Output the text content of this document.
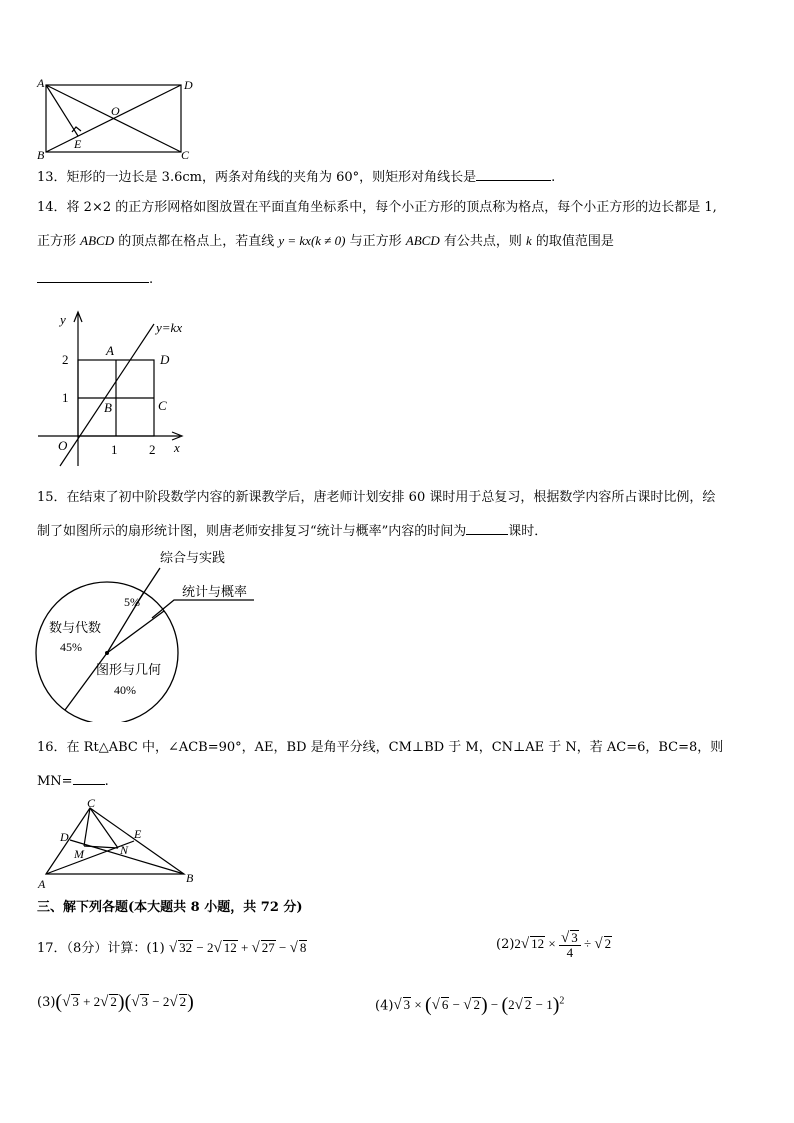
A	D
B	C
O
E
13．矩形的一边长是 3.6cm，两条对角线的夹角为 60°，则矩形对角线长是	.
14．将 2×2 的正方形网格如图放置在平面直角坐标系中，每个小正方形的顶点称为格点，每个小正方形的边长都是 1,
正方形 ABCD 的顶点都在格点上，若直线 y = kx(k ≠ 0) 与正方形 ABCD 有公共点，则 k 的取值范围是
.
y
x
y=kx
O	1 2
1
2
A
B	C
D
15．在结束了初中阶段数学内容的新课教学后，唐老师计划安排 60 课时用于总复习，根据数学内容所占课时比例，绘
制了如图所示的扇形统计图，则唐老师安排复习“统计与概率”内容的时间为	课时．
综合与实践
5%
统计与概率
数与代数
45%
图形与几何
40%
16．在 Rt△ABC 中，∠ACB=90°，AE，BD 是角平分线，CM⊥BD 于 M，CN⊥AE 于 N，若 AC=6，BC=8，则
MN= .
A	B
C
D	E
M	N
三、解下列各题(本大题共 8 小题，共 72 分)
17．（8分）计算：(1) √ 32 − 2√ 12 + √ 27 − √ 8	(2)2√ $12 \times \frac{√ 3}{4}$ ÷ √ 2
(3)(√ 3 + 2√ 2)(√ 3 − 2√ 2)	(4)√ 3 × (√ 6 − √ 2) − (2√ 2 − 1)$^2$
